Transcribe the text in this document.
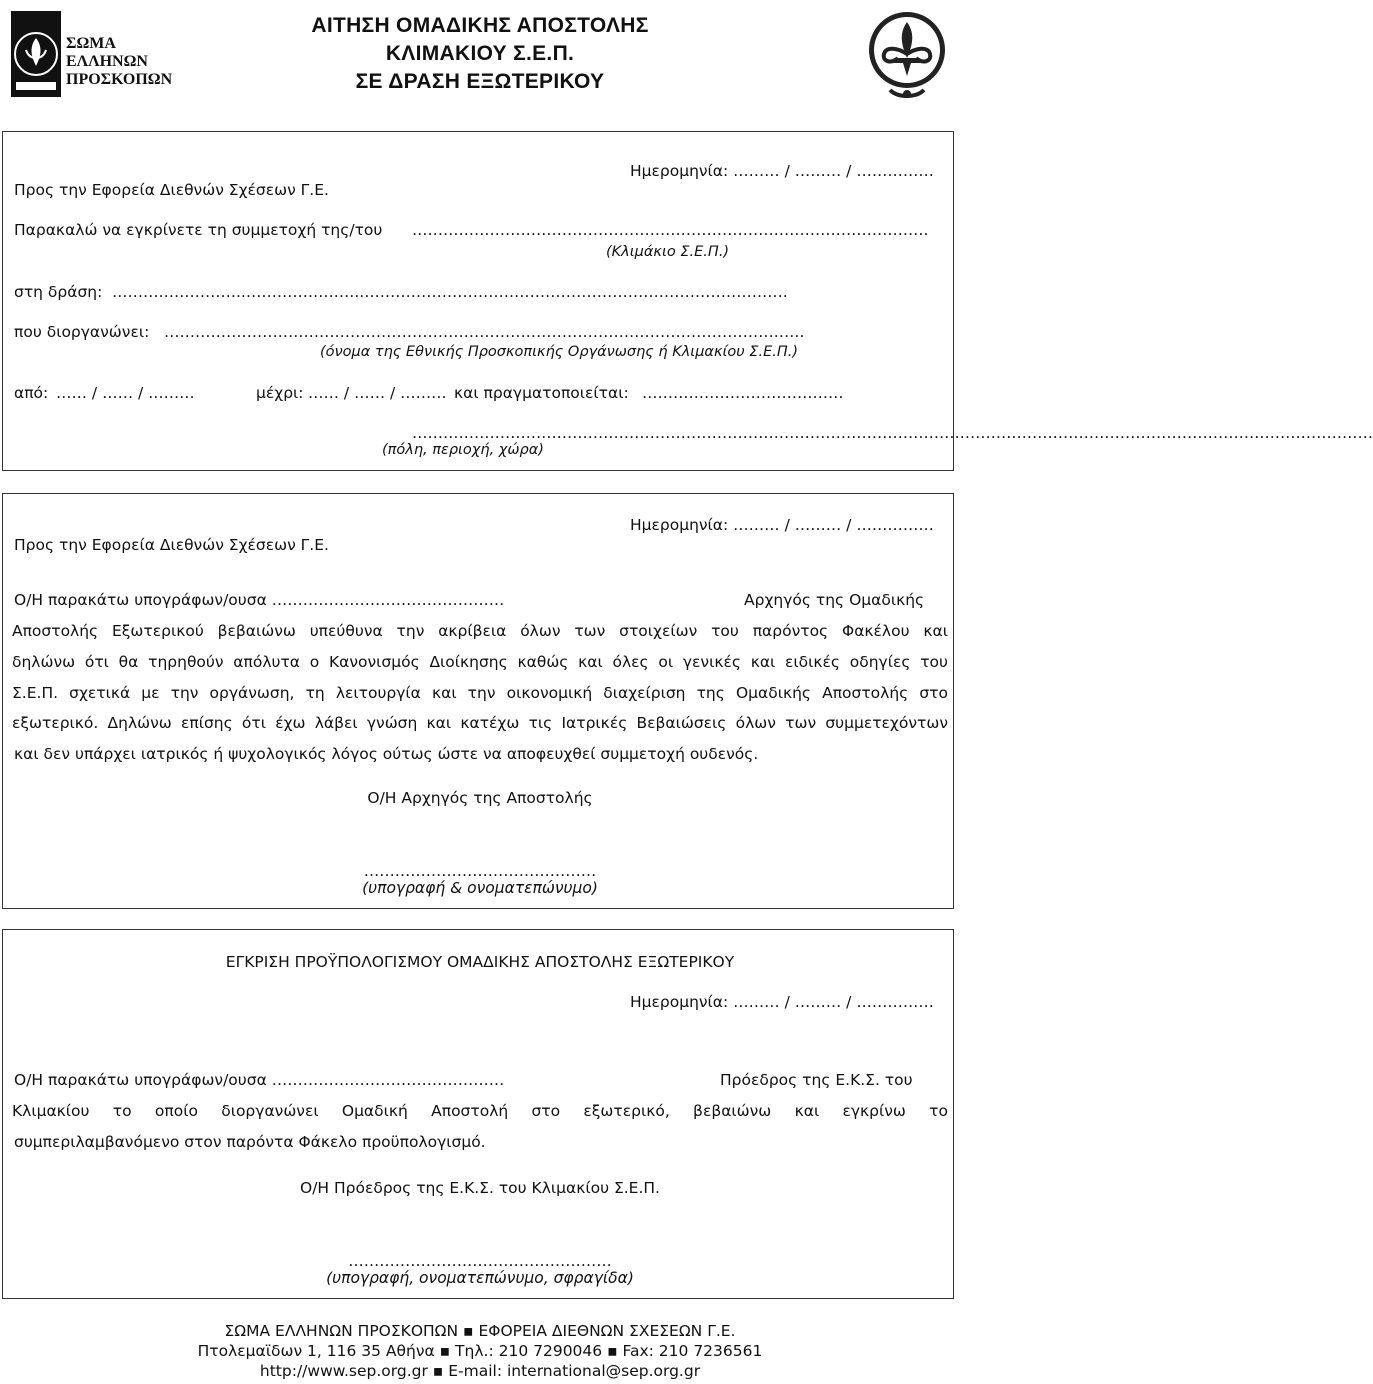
ΣΩΜΑ
ΕΛΛΗΝΩΝ
ΠΡΟΣΚΟΠΩΝ
ΑΙΤΗΣΗ ΟΜΑΔΙΚΗΣ ΑΠΟΣΤΟΛΗΣ
ΚΛΙΜΑΚΙΟΥ Σ.Ε.Π.
ΣΕ ΔΡΑΣΗ ΕΞΩΤΕΡΙΚΟΥ
Ημερομηνία: ……… / ……… / ……………
Προς την Εφορεία Διεθνών Σχέσεων Γ.Ε.
Παρακαλώ να εγκρίνετε τη συμμετοχή της/του ……………………………………………………………………………………….
(Κλιμάκιο Σ.Ε.Π.)
στη δράση: ……………………..…………………..……………………………………………………………………….
που διοργανώνει: …………………………………………………………………………………………………………….
(όνομα της Εθνικής Προσκοπικής Οργάνωσης ή Κλιμακίου Σ.Ε.Π.)
από: …… / …… / ………	μέχρι: …… / …… / ……… και πραγματοποιείται: …………………………………
……………………………………………………………………………………………………………………………………………………………………
(πόλη, περιοχή, χώρα)
Ημερομηνία: ……… / ……… / ……………
Προς την Εφορεία Διεθνών Σχέσεων Γ.Ε.
Ο/Η παρακάτω υπογράφων/ουσα ………………………………………	Αρχηγός της Ομαδικής
Αποστολής Εξωτερικού βεβαιώνω υπεύθυνα την ακρίβεια όλων των στοιχείων του παρόντος Φακέλου και
δηλώνω ότι θα τηρηθούν απόλυτα ο Κανονισμός Διοίκησης καθώς και όλες οι γενικές και ειδικές οδηγίες του
Σ.Ε.Π. σχετικά με την οργάνωση, τη λειτουργία και την οικονομική διαχείριση της Ομαδικής Αποστολής στο
εξωτερικό. Δηλώνω επίσης ότι έχω λάβει γνώση και κατέχω τις Ιατρικές Βεβαιώσεις όλων των συμμετεχόντων
και δεν υπάρχει ιατρικός ή ψυχολογικός λόγος ούτως ώστε να αποφευχθεί συμμετοχή ουδενός.
Ο/Η Αρχηγός της Αποστολής
………………………………………
(υπογραφή & ονοματεπώνυμο)
ΕΓΚΡΙΣΗ ΠΡΟΫΠΟΛΟΓΙΣΜΟΥ ΟΜΑΔΙΚΗΣ ΑΠΟΣΤΟΛΗΣ ΕΞΩΤΕΡΙΚΟΥ
Ημερομηνία: ……… / ……… / ……………
Ο/Η παρακάτω υπογράφων/ουσα ………………………………………	Πρόεδρος της Ε.Κ.Σ. του
Κλιμακίου το οποίο διοργανώνει Ομαδική Αποστολή στο εξωτερικό, βεβαιώνω και εγκρίνω το
συμπεριλαμβανόμενο στον παρόντα Φάκελο προϋπολογισμό.
Ο/Η Πρόεδρος της Ε.Κ.Σ. του Κλιμακίου Σ.Ε.Π.
……………………………………………
(υπογραφή, ονοματεπώνυμο, σφραγίδα)
ΣΩΜΑ ΕΛΛΗΝΩΝ ΠΡΟΣΚΟΠΩΝ ▪ ΕΦΟΡΕΙΑ ΔΙΕΘΝΩΝ ΣΧΕΣΕΩΝ Γ.Ε.
Πτολεμαϊδων 1, 116 35 Αθήνα ▪ Τηλ.: 210 7290046 ▪ Fax: 210 7236561
http://www.sep.org.gr ▪ E-mail: international@sep.org.gr
